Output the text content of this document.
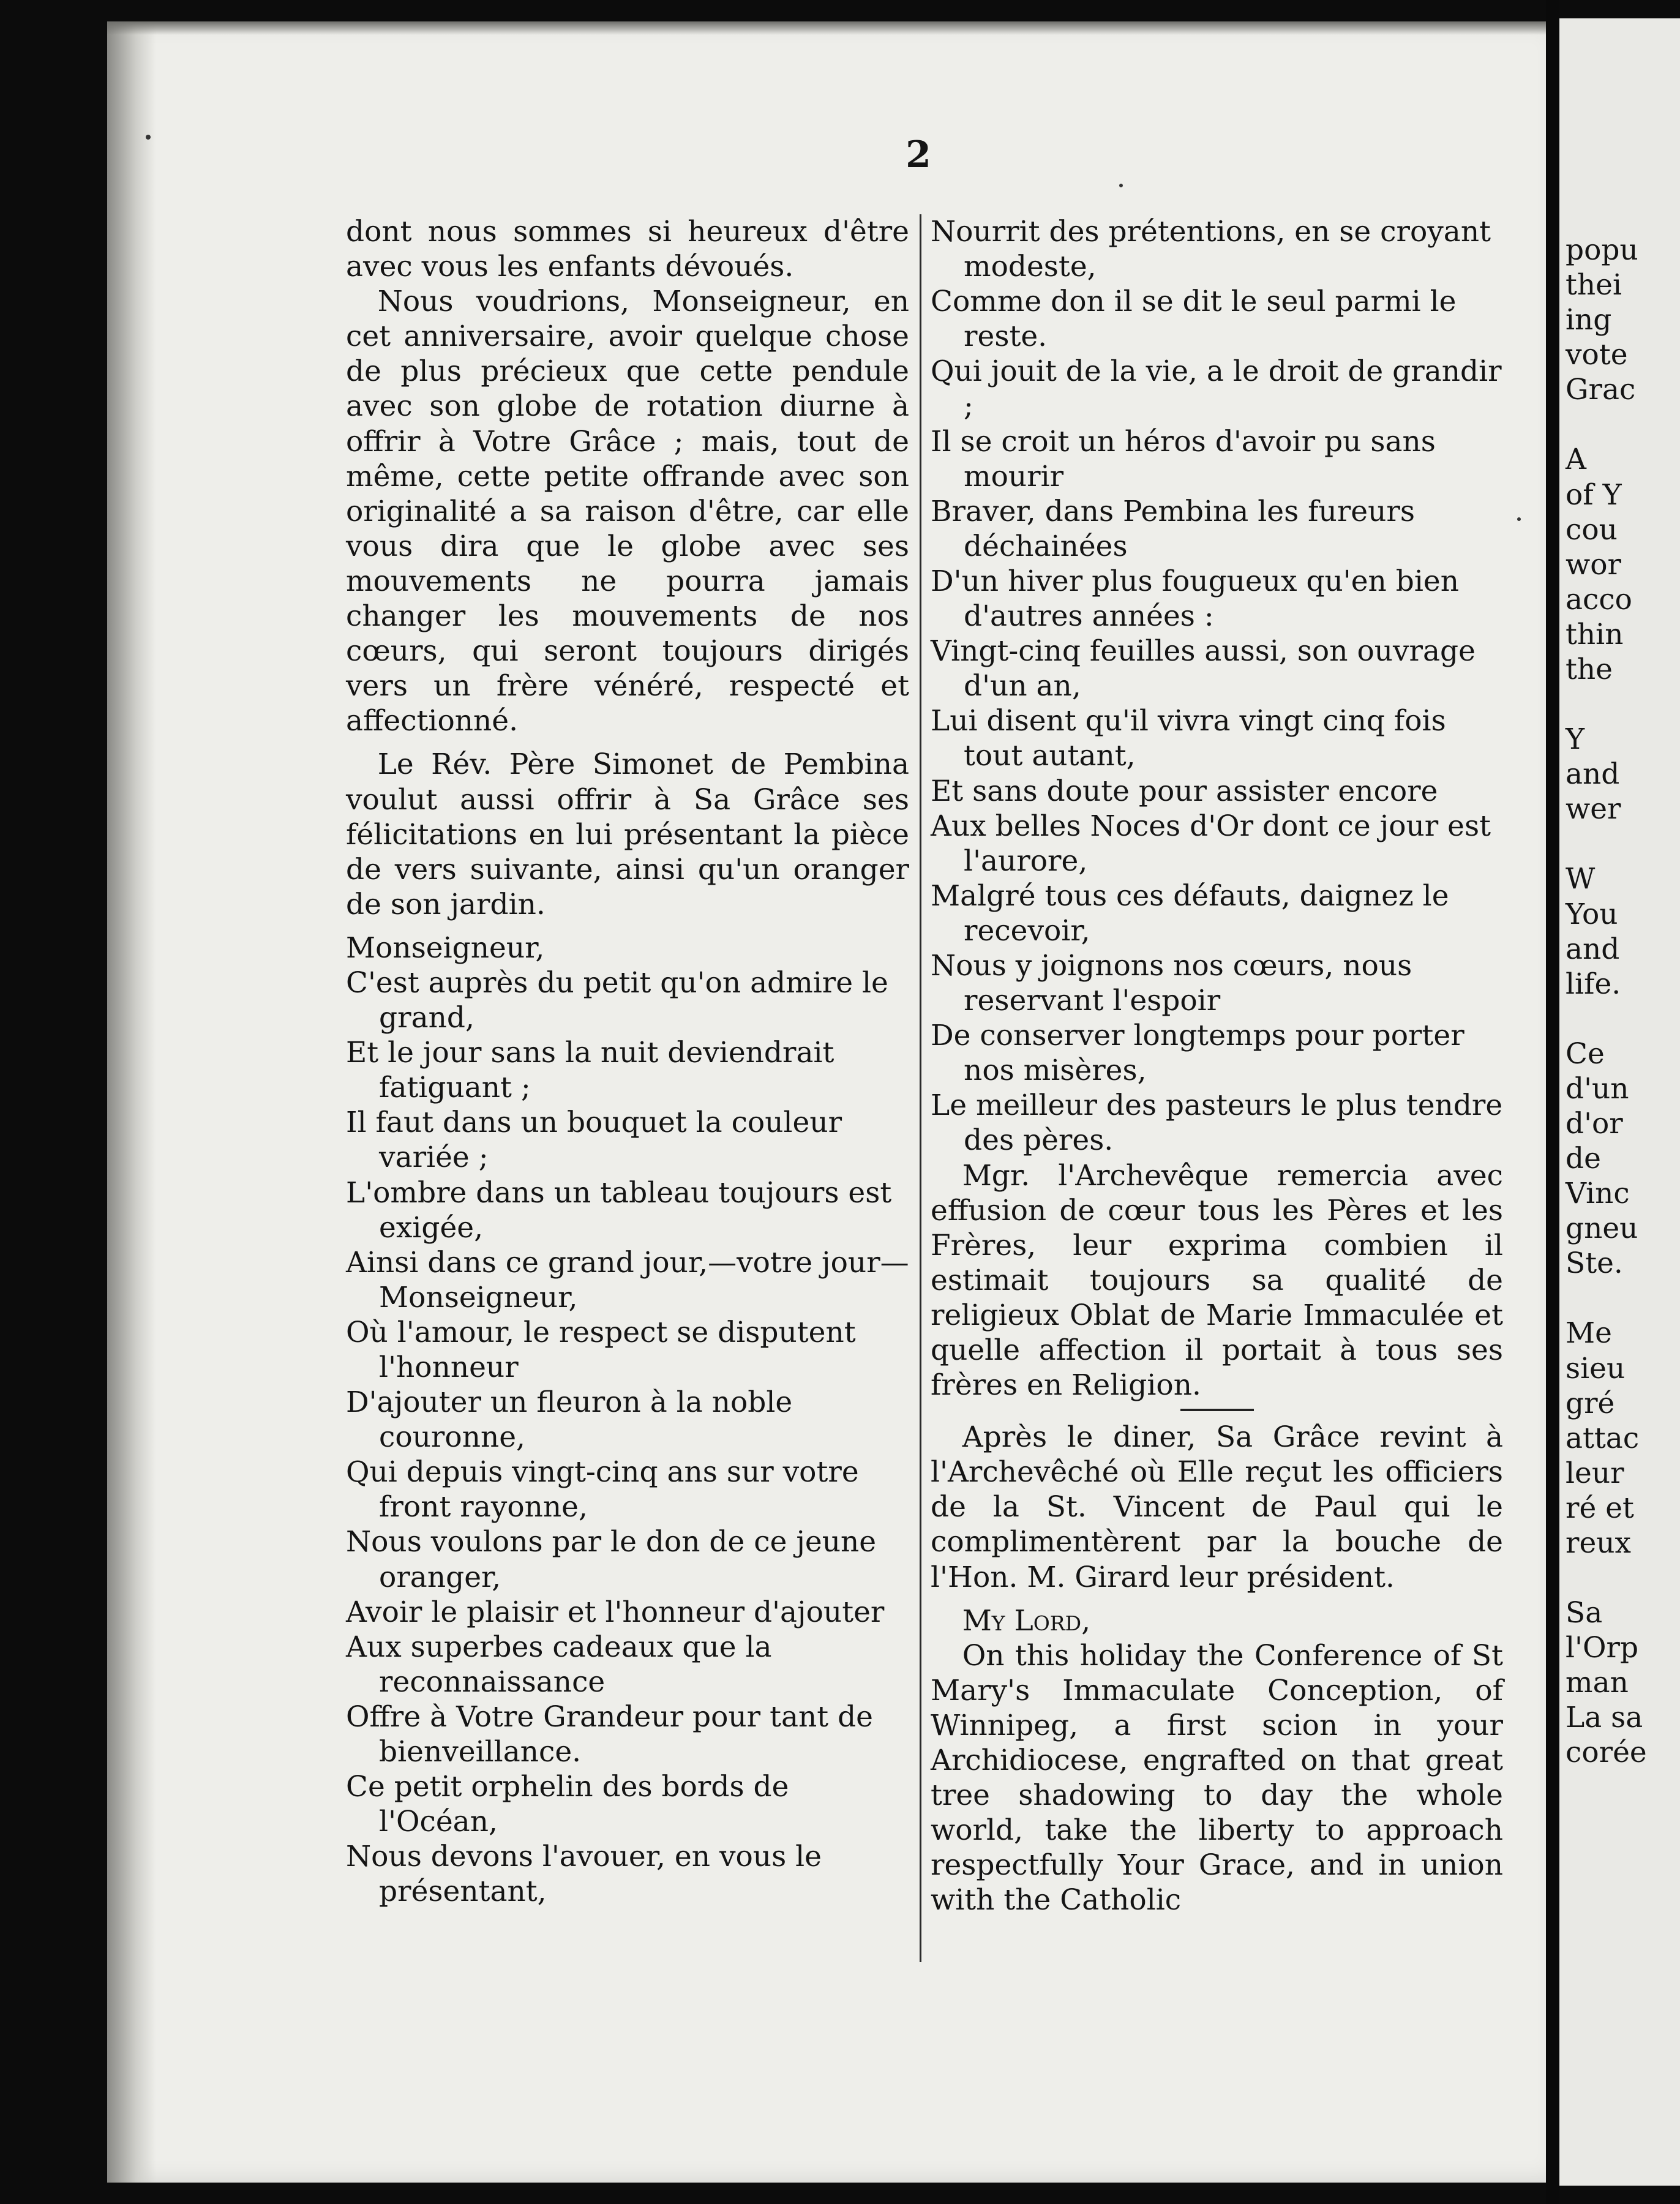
popu
thei
ing
vote
Grac
A
of Y
cou
wor
acco
thin
the
Y
and
wer
W
You
and
life.
Ce
d'un
d'or
de
Vinc
gneu
Ste.
Me
sieu
gré
attac
leur
ré et
reux
Sa
l'Orp
man
La sa
corée
2

dont nous sommes si heureux d'être avec vous les enfants dévoués.

Nous voudrions, Monseigneur, en cet anniversaire, avoir quelque chose de plus précieux que cette pendule avec son globe de rotation diurne à offrir à Votre Grâce ; mais, tout de même, cette petite offrande avec son originalité a sa raison d'être, car elle vous dira que le globe avec ses mouvements ne pourra jamais changer les mouvements de nos cœurs, qui seront toujours dirigés vers un frère vénéré, respecté et affectionné.

Le Rév. Père Simonet de Pembina voulut aussi offrir à Sa Grâce ses félicitations en lui présentant la pièce de vers suivante, ainsi qu'un oranger de son jardin.

Monseigneur,

C'est auprès du petit qu'on admire le grand,
Et le jour sans la nuit deviendrait fatiguant ;
Il faut dans un bouquet la couleur variée ;
L'ombre dans un tableau toujours est exigée,
Ainsi dans ce grand jour,—votre jour—Monseigneur,
Où l'amour, le respect se disputent l'honneur
D'ajouter un fleuron à la noble couronne,
Qui depuis vingt-cinq ans sur votre front rayonne,
Nous voulons par le don de ce jeune oranger,
Avoir le plaisir et l'honneur d'ajouter
Aux superbes cadeaux que la reconnaissance
Offre à Votre Grandeur pour tant de bienveillance.
Ce petit orphelin des bords de l'Océan,
Nous devons l'avouer, en vous le présentant,
Nourrit des prétentions, en se croyant modeste,
Comme don il se dit le seul parmi le reste.
Qui jouit de la vie, a le droit de grandir ;
Il se croit un héros d'avoir pu sans mourir
Braver, dans Pembina les fureurs déchainées
D'un hiver plus fougueux qu'en bien d'autres années :
Vingt-cinq feuilles aussi, son ouvrage d'un an,
Lui disent qu'il vivra vingt cinq fois tout autant,
Et sans doute pour assister encore
Aux belles Noces d'Or dont ce jour est l'aurore,
Malgré tous ces défauts, daignez le recevoir,
Nous y joignons nos cœurs, nous reservant l'espoir
De conserver longtemps pour porter nos misères,
Le meilleur des pasteurs le plus tendre des pères.

Mgr. l'Archevêque remercia avec effusion de cœur tous les Pères et les Frères, leur exprima combien il estimait toujours sa qualité de religieux Oblat de Marie Immaculée et quelle affection il portait à tous ses frères en Religion.

Après le diner, Sa Grâce revint à l'Archevêché où Elle reçut les officiers de la St. Vincent de Paul qui le complimentèrent par la bouche de l'Hon. M. Girard leur président.

My Lord,

On this holiday the Conference of St Mary's Immaculate Conception, of Winnipeg, a first scion in your Archidiocese, engrafted on that great tree shadowing to day the whole world, take the liberty to approach respectfully Your Grace, and in union with the Catholic
